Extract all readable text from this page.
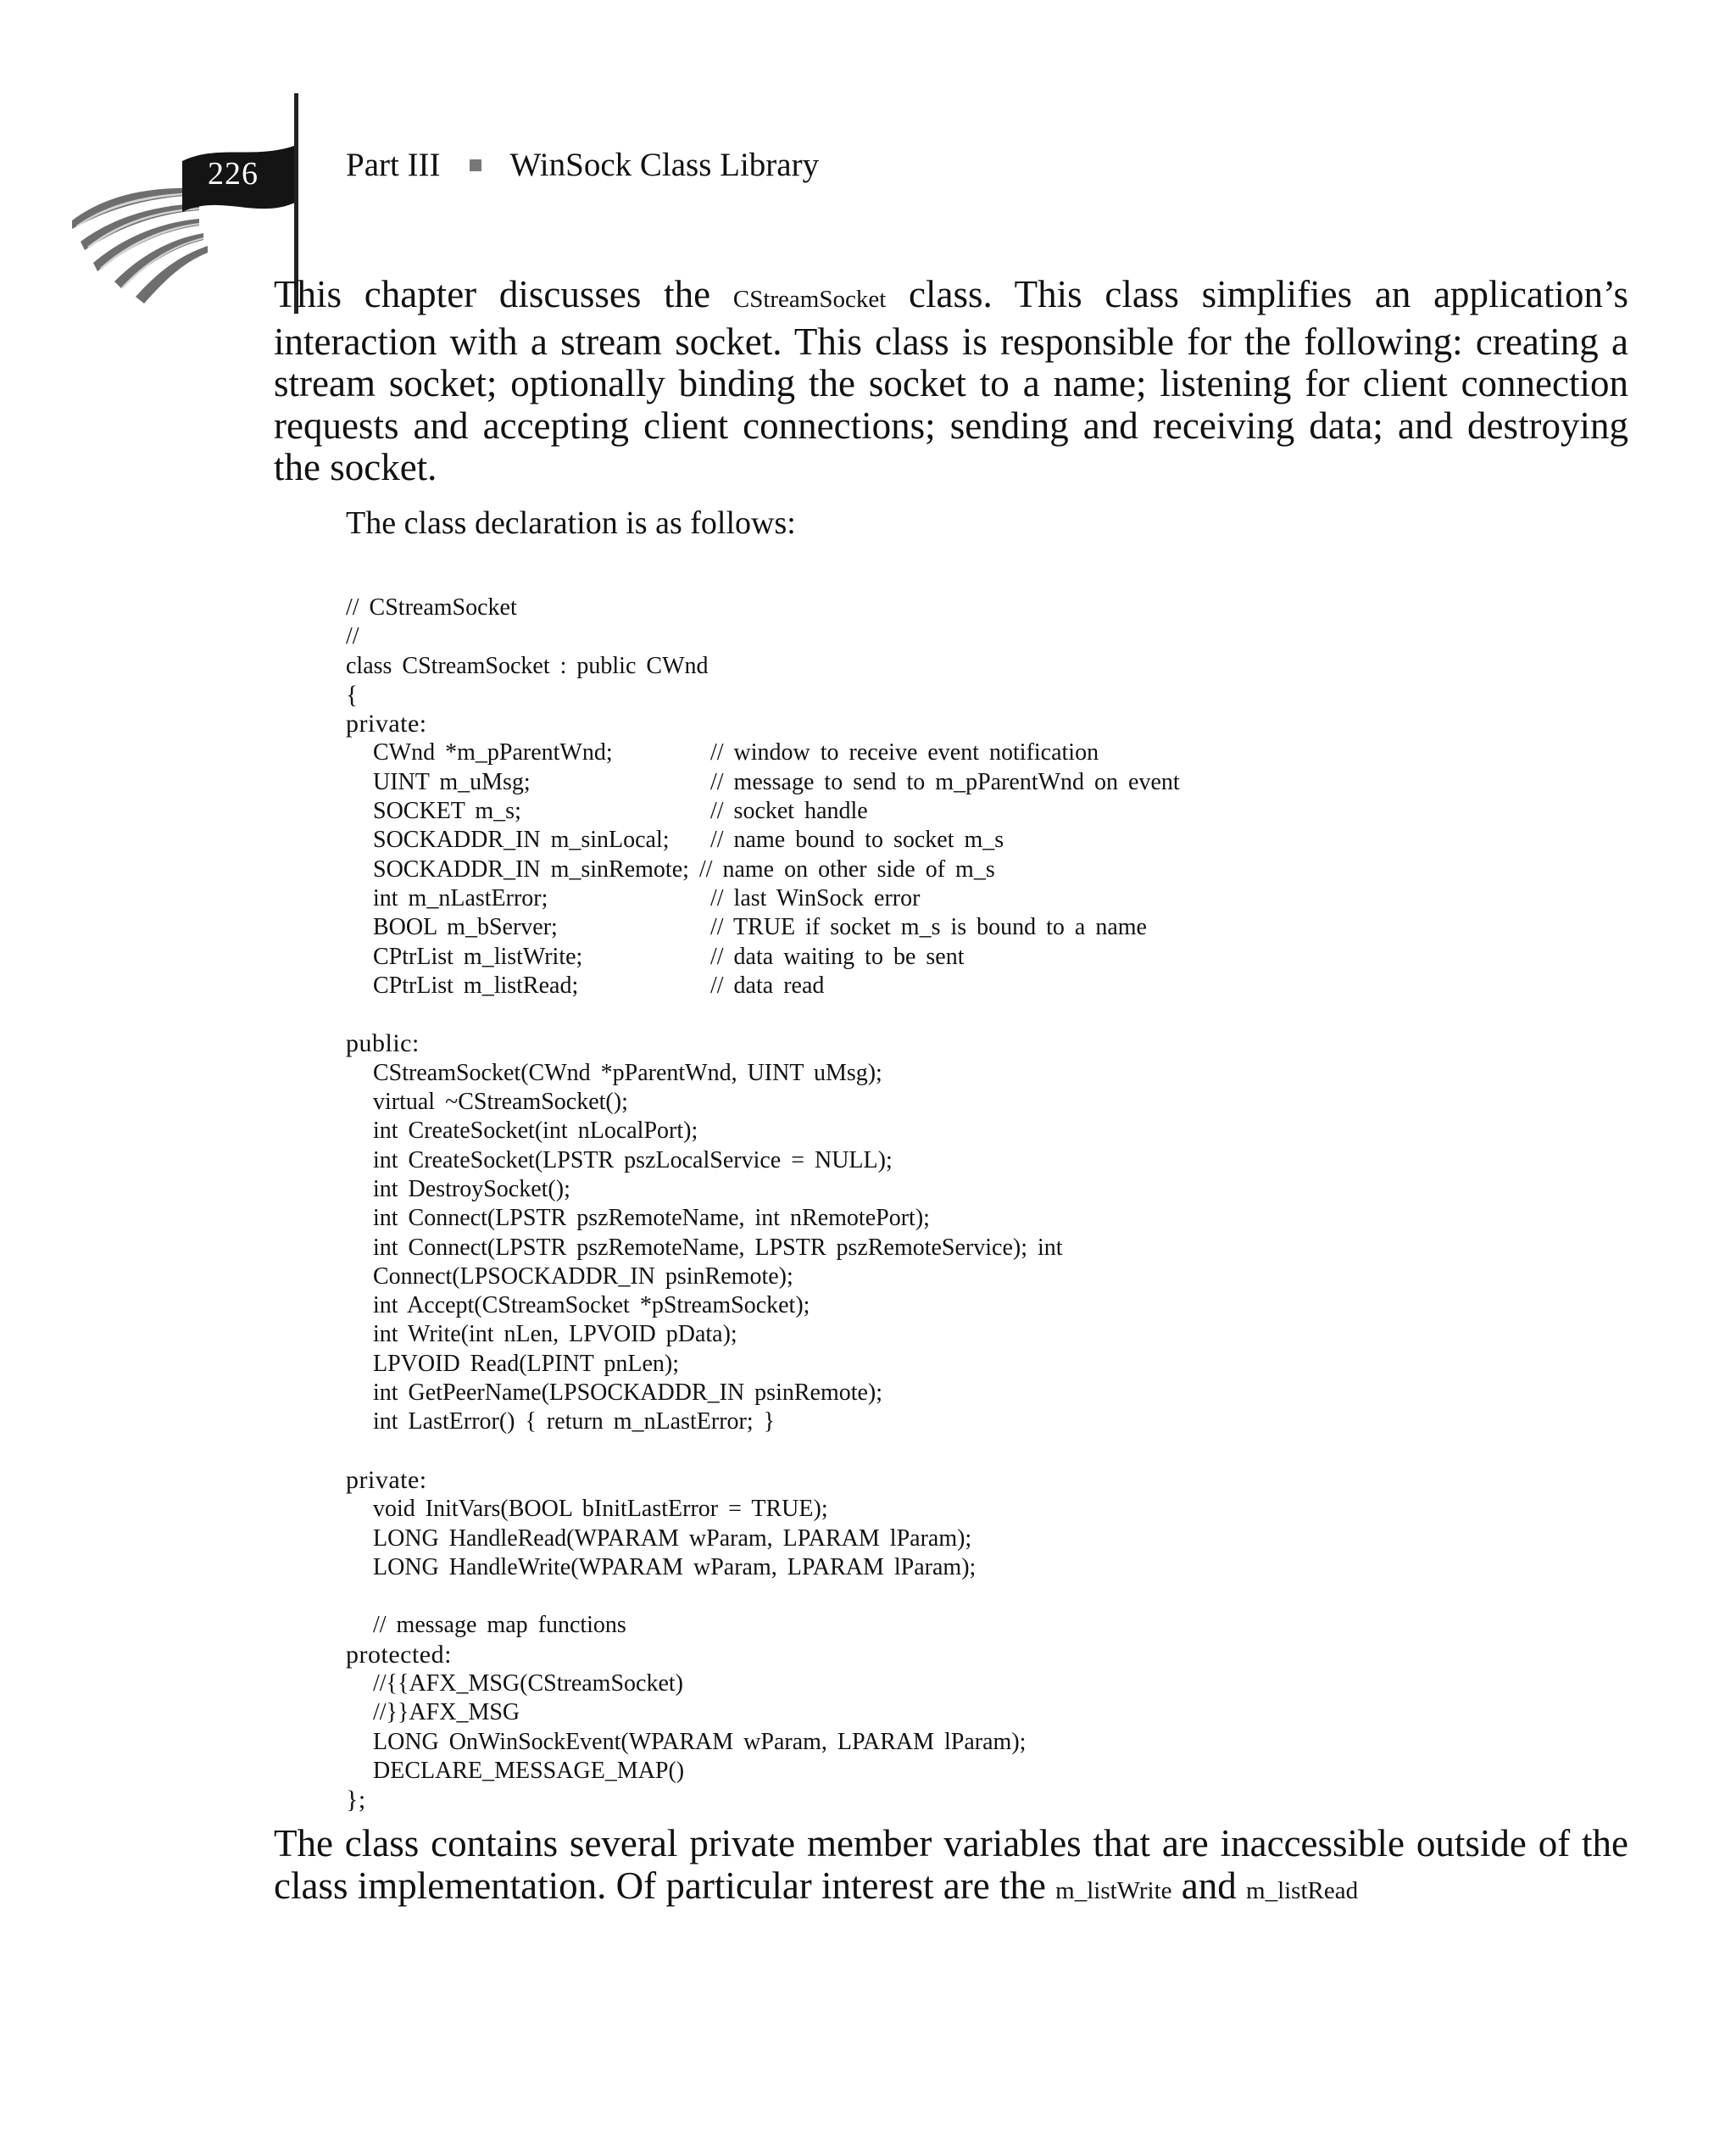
226	Part III WinSock Class Library

This chapter discusses the CStreamSocket class. This class simplifies an application’s interaction with a stream socket. This class is responsible for the following: creating a stream socket; optionally binding the socket to a name; listening for client connection requests and accepting client connections; sending and receiving data; and destroying the socket.

The class declaration is as follows:
// CStreamSocket
//
class CStreamSocket : public CWnd
{
private:
CWnd *m_pParentWnd;	// window to receive event notification
UINT m_uMsg;	// message to send to m_pParentWnd on event
SOCKET m_s;	// socket handle
SOCKADDR_IN m_sinLocal; // name bound to socket m_s
SOCKADDR_IN m_sinRemote; // name on other side of m_s
int m_nLastError;	// last WinSock error
BOOL m_bServer;	// TRUE if socket m_s is bound to a name
CPtrList m_listWrite;	// data waiting to be sent
CPtrList m_listRead;	// data read
public:
CStreamSocket(CWnd *pParentWnd, UINT uMsg);
virtual ~CStreamSocket();
int CreateSocket(int nLocalPort);
int CreateSocket(LPSTR pszLocalService = NULL);
int DestroySocket();
int Connect(LPSTR pszRemoteName, int nRemotePort);
int Connect(LPSTR pszRemoteName, LPSTR pszRemoteService); int
Connect(LPSOCKADDR_IN psinRemote);
int Accept(CStreamSocket *pStreamSocket);
int Write(int nLen, LPVOID pData);
LPVOID Read(LPINT pnLen);
int GetPeerName(LPSOCKADDR_IN psinRemote);
int LastError() { return m_nLastError; }
private:
void InitVars(BOOL bInitLastError = TRUE);
LONG HandleRead(WPARAM wParam, LPARAM lParam);
LONG HandleWrite(WPARAM wParam, LPARAM lParam);
// message map functions
protected:
//{{AFX_MSG(CStreamSocket)
//}}AFX_MSG
LONG OnWinSockEvent(WPARAM wParam, LPARAM lParam);
DECLARE_MESSAGE_MAP()
};

The class contains several private member variables that are inaccessible outside of the class implementation. Of particular interest are the m_listWrite and m_listRead
